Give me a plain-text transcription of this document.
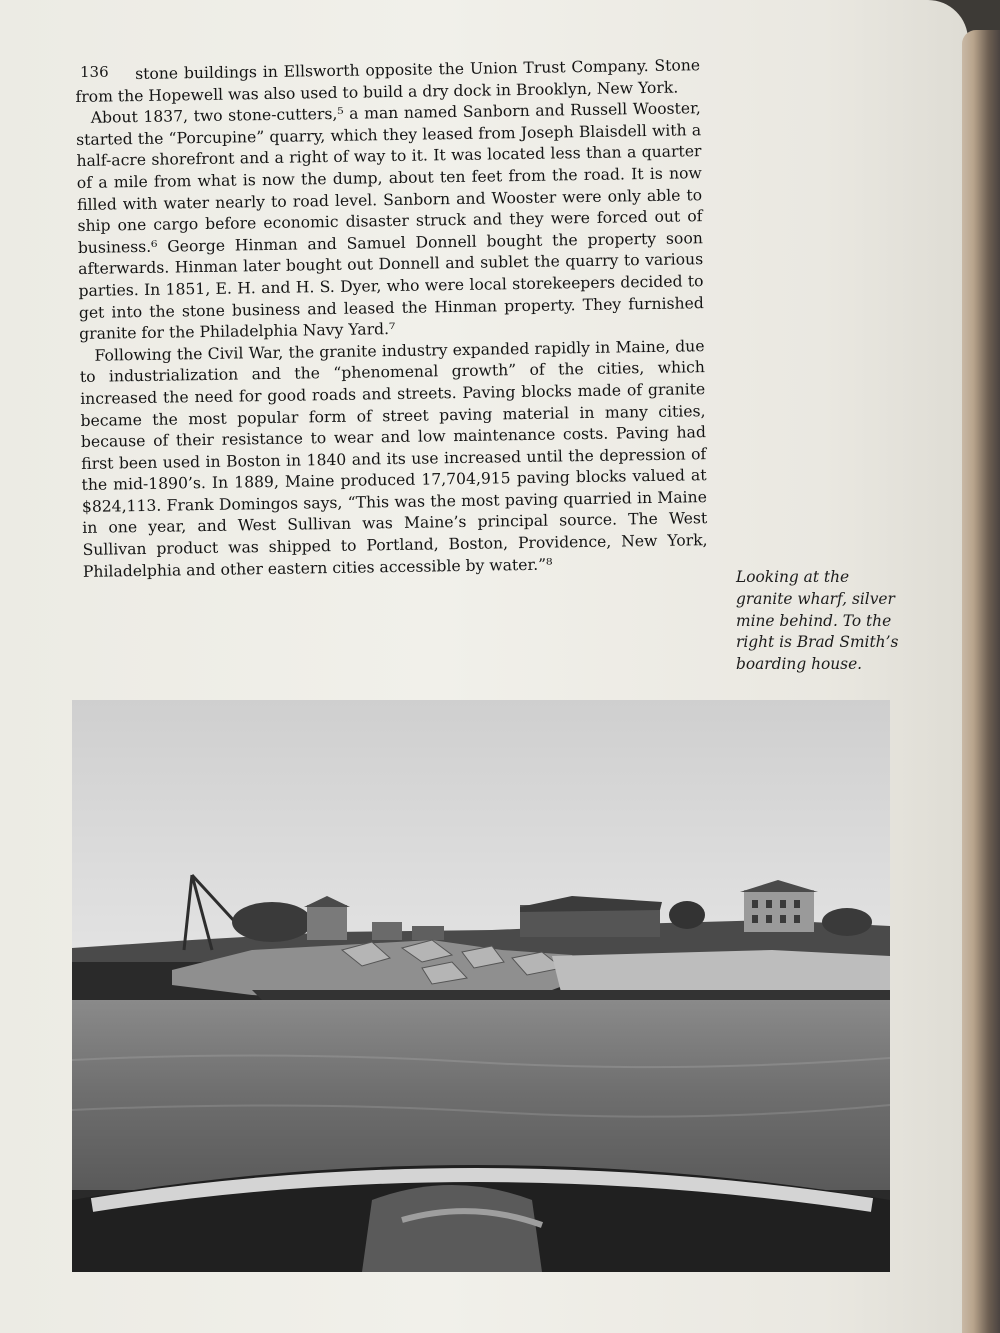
136	stone buildings in Ellsworth opposite the Union Trust Company. Stone from the Hopewell was also used to build a dry dock in Brooklyn, New York.

About 1837, two stone-cutters,⁵ a man named Sanborn and Russell Wooster, started the “Porcupine” quarry, which they leased from Joseph Blaisdell with a half-acre shorefront and a right of way to it. It was located less than a quarter of a mile from what is now the dump, about ten feet from the road. It is now filled with water nearly to road level. Sanborn and Wooster were only able to ship one cargo before economic disaster struck and they were forced out of business.⁶ George Hinman and Samuel Donnell bought the property soon afterwards. Hinman later bought out Donnell and sublet the quarry to various parties. In 1851, E. H. and H. S. Dyer, who were local storekeepers decided to get into the stone business and leased the Hinman property. They furnished granite for the Philadelphia Navy Yard.⁷

Following the Civil War, the granite industry expanded rapidly in Maine, due to industrialization and the “phenomenal growth” of the cities, which increased the need for good roads and streets. Paving blocks made of granite became the most popular form of street paving material in many cities, because of their resistance to wear and low maintenance costs. Paving had first been used in Boston in 1840 and its use increased until the depression of the mid-1890’s. In 1889, Maine produced 17,704,915 paving blocks valued at $824,113. Frank Domingos says, “This was the most paving quarried in Maine in one year, and West Sullivan was Maine’s principal source. The West Sullivan product was shipped to Portland, Boston, Providence, New York, Philadelphia and other eastern cities accessible by water.”⁸	Looking at the granite wharf, silver mine behind. To the right is Brad Smith’s boarding house.
